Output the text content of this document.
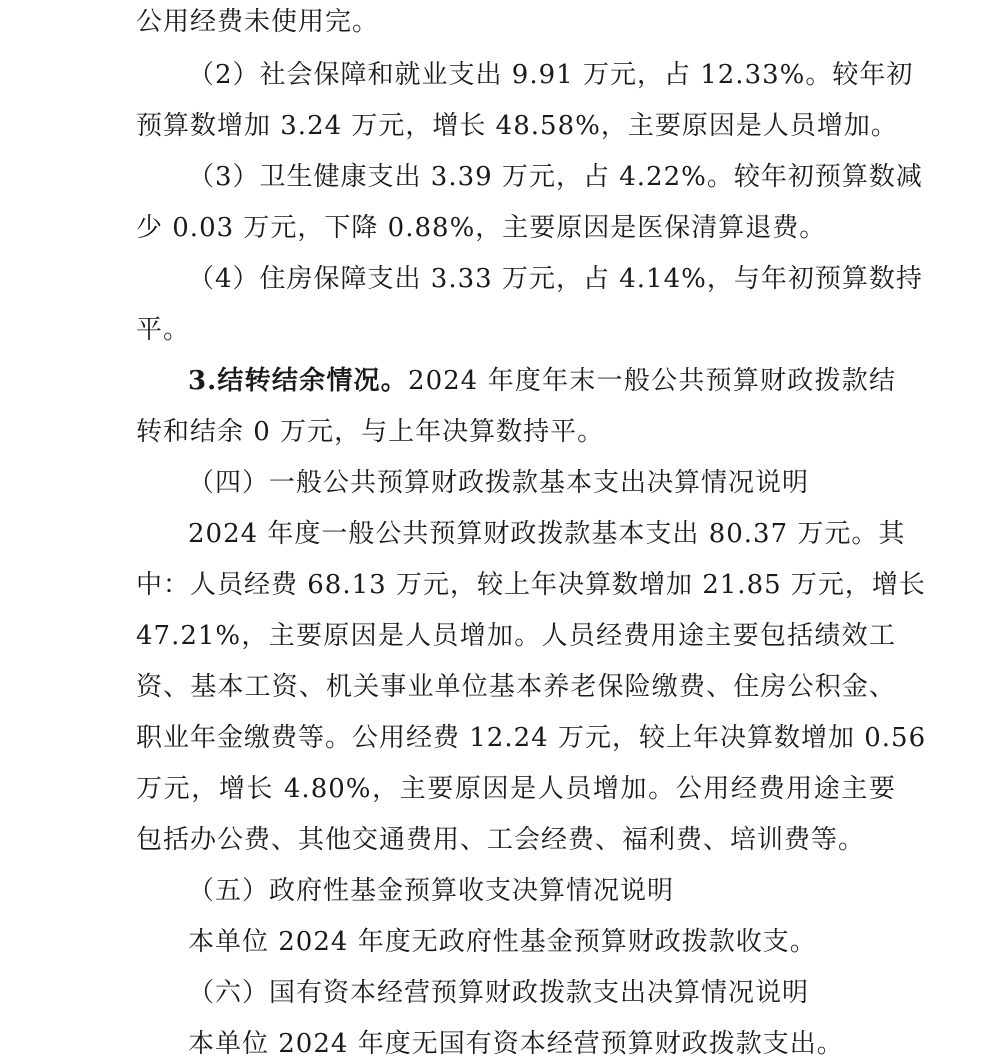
公用经费未使用完。
（2）社会保障和就业支出 9.91 万元，占 12.33%。较年初
预算数增加 3.24 万元，增长 48.58%，主要原因是人员增加。
（3）卫生健康支出 3.39 万元，占 4.22%。较年初预算数减
少 0.03 万元，下降 0.88%，主要原因是医保清算退费。
（4）住房保障支出 3.33 万元，占 4.14%，与年初预算数持
平。
3.结转结余情况。2024 年度年末一般公共预算财政拨款结
转和结余 0 万元，与上年决算数持平。
（四）一般公共预算财政拨款基本支出决算情况说明
2024 年度一般公共预算财政拨款基本支出 80.37 万元。其
中：人员经费 68.13 万元，较上年决算数增加 21.85 万元，增长
47.21%，主要原因是人员增加。人员经费用途主要包括绩效工
资、基本工资、机关事业单位基本养老保险缴费、住房公积金、
职业年金缴费等。公用经费 12.24 万元，较上年决算数增加 0.56
万元，增长 4.80%，主要原因是人员增加。公用经费用途主要
包括办公费、其他交通费用、工会经费、福利费、培训费等。
（五）政府性基金预算收支决算情况说明
本单位 2024 年度无政府性基金预算财政拨款收支。
（六）国有资本经营预算财政拨款支出决算情况说明
本单位 2024 年度无国有资本经营预算财政拨款支出。
